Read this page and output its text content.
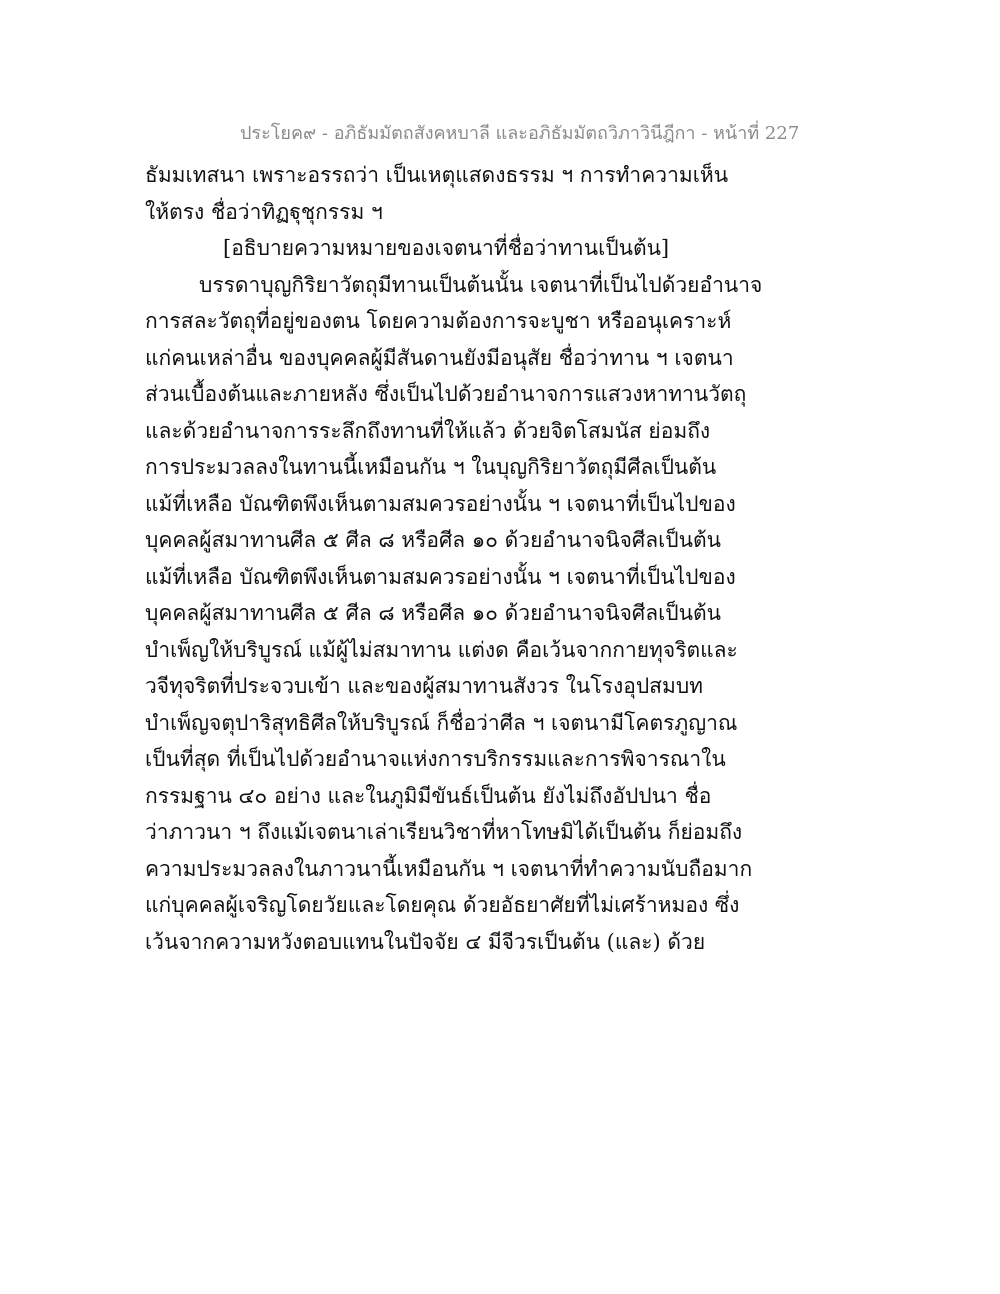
ประโยค๙ - อภิธัมมัตถสังคหบาลี และอภิธัมมัตถวิภาวินีฎีกา - หน้าที่ 227
ธัมมเทสนา เพราะอรรถว่า เป็นเหตุแสดงธรรม ฯ การทำความเห็น
ให้ตรง ชื่อว่าทิฏฐุชุกรรม ฯ
[อธิบายความหมายของเจตนาที่ชื่อว่าทานเป็นต้น]
บรรดาบุญกิริยาวัตถุมีทานเป็นต้นนั้น เจตนาที่เป็นไปด้วยอำนาจ
การสละวัตถุที่อยู่ของตน โดยความต้องการจะบูชา หรืออนุเคราะห์
แก่คนเหล่าอื่น ของบุคคลผู้มีสันดานยังมีอนุสัย ชื่อว่าทาน ฯ เจตนา
ส่วนเบื้องต้นและภายหลัง ซึ่งเป็นไปด้วยอำนาจการแสวงหาทานวัตถุ
และด้วยอำนาจการระลึกถึงทานที่ให้แล้ว ด้วยจิตโสมนัส ย่อมถึง
การประมวลลงในทานนี้เหมือนกัน ฯ ในบุญกิริยาวัตถุมีศีลเป็นต้น
แม้ที่เหลือ บัณฑิตพึงเห็นตามสมควรอย่างนั้น ฯ เจตนาที่เป็นไปของ
บุคคลผู้สมาทานศีล ๕ ศีล ๘ หรือศีล ๑๐ ด้วยอำนาจนิจศีลเป็นต้น
แม้ที่เหลือ บัณฑิตพึงเห็นตามสมควรอย่างนั้น ฯ เจตนาที่เป็นไปของ
บุคคลผู้สมาทานศีล ๕ ศีล ๘ หรือศีล ๑๐ ด้วยอำนาจนิจศีลเป็นต้น
บำเพ็ญให้บริบูรณ์ แม้ผู้ไม่สมาทาน แต่งด คือเว้นจากกายทุจริตและ
วจีทุจริตที่ประจวบเข้า และของผู้สมาทานสังวร ในโรงอุปสมบท
บำเพ็ญจตุปาริสุทธิศีลให้บริบูรณ์ ก็ชื่อว่าศีล ฯ เจตนามีโคตรภูญาณ
เป็นที่สุด ที่เป็นไปด้วยอำนาจแห่งการบริกรรมและการพิจารณาใน
กรรมฐาน ๔๐ อย่าง และในภูมิมีขันธ์เป็นต้น ยังไม่ถึงอัปปนา ชื่อ
ว่าภาวนา ฯ ถึงแม้เจตนาเล่าเรียนวิชาที่หาโทษมิได้เป็นต้น ก็ย่อมถึง
ความประมวลลงในภาวนานี้เหมือนกัน ฯ เจตนาที่ทำความนับถือมาก
แก่บุคคลผู้เจริญโดยวัยและโดยคุณ ด้วยอัธยาศัยที่ไม่เศร้าหมอง ซึ่ง
เว้นจากความหวังตอบแทนในปัจจัย ๔ มีจีวรเป็นต้น (และ) ด้วย
